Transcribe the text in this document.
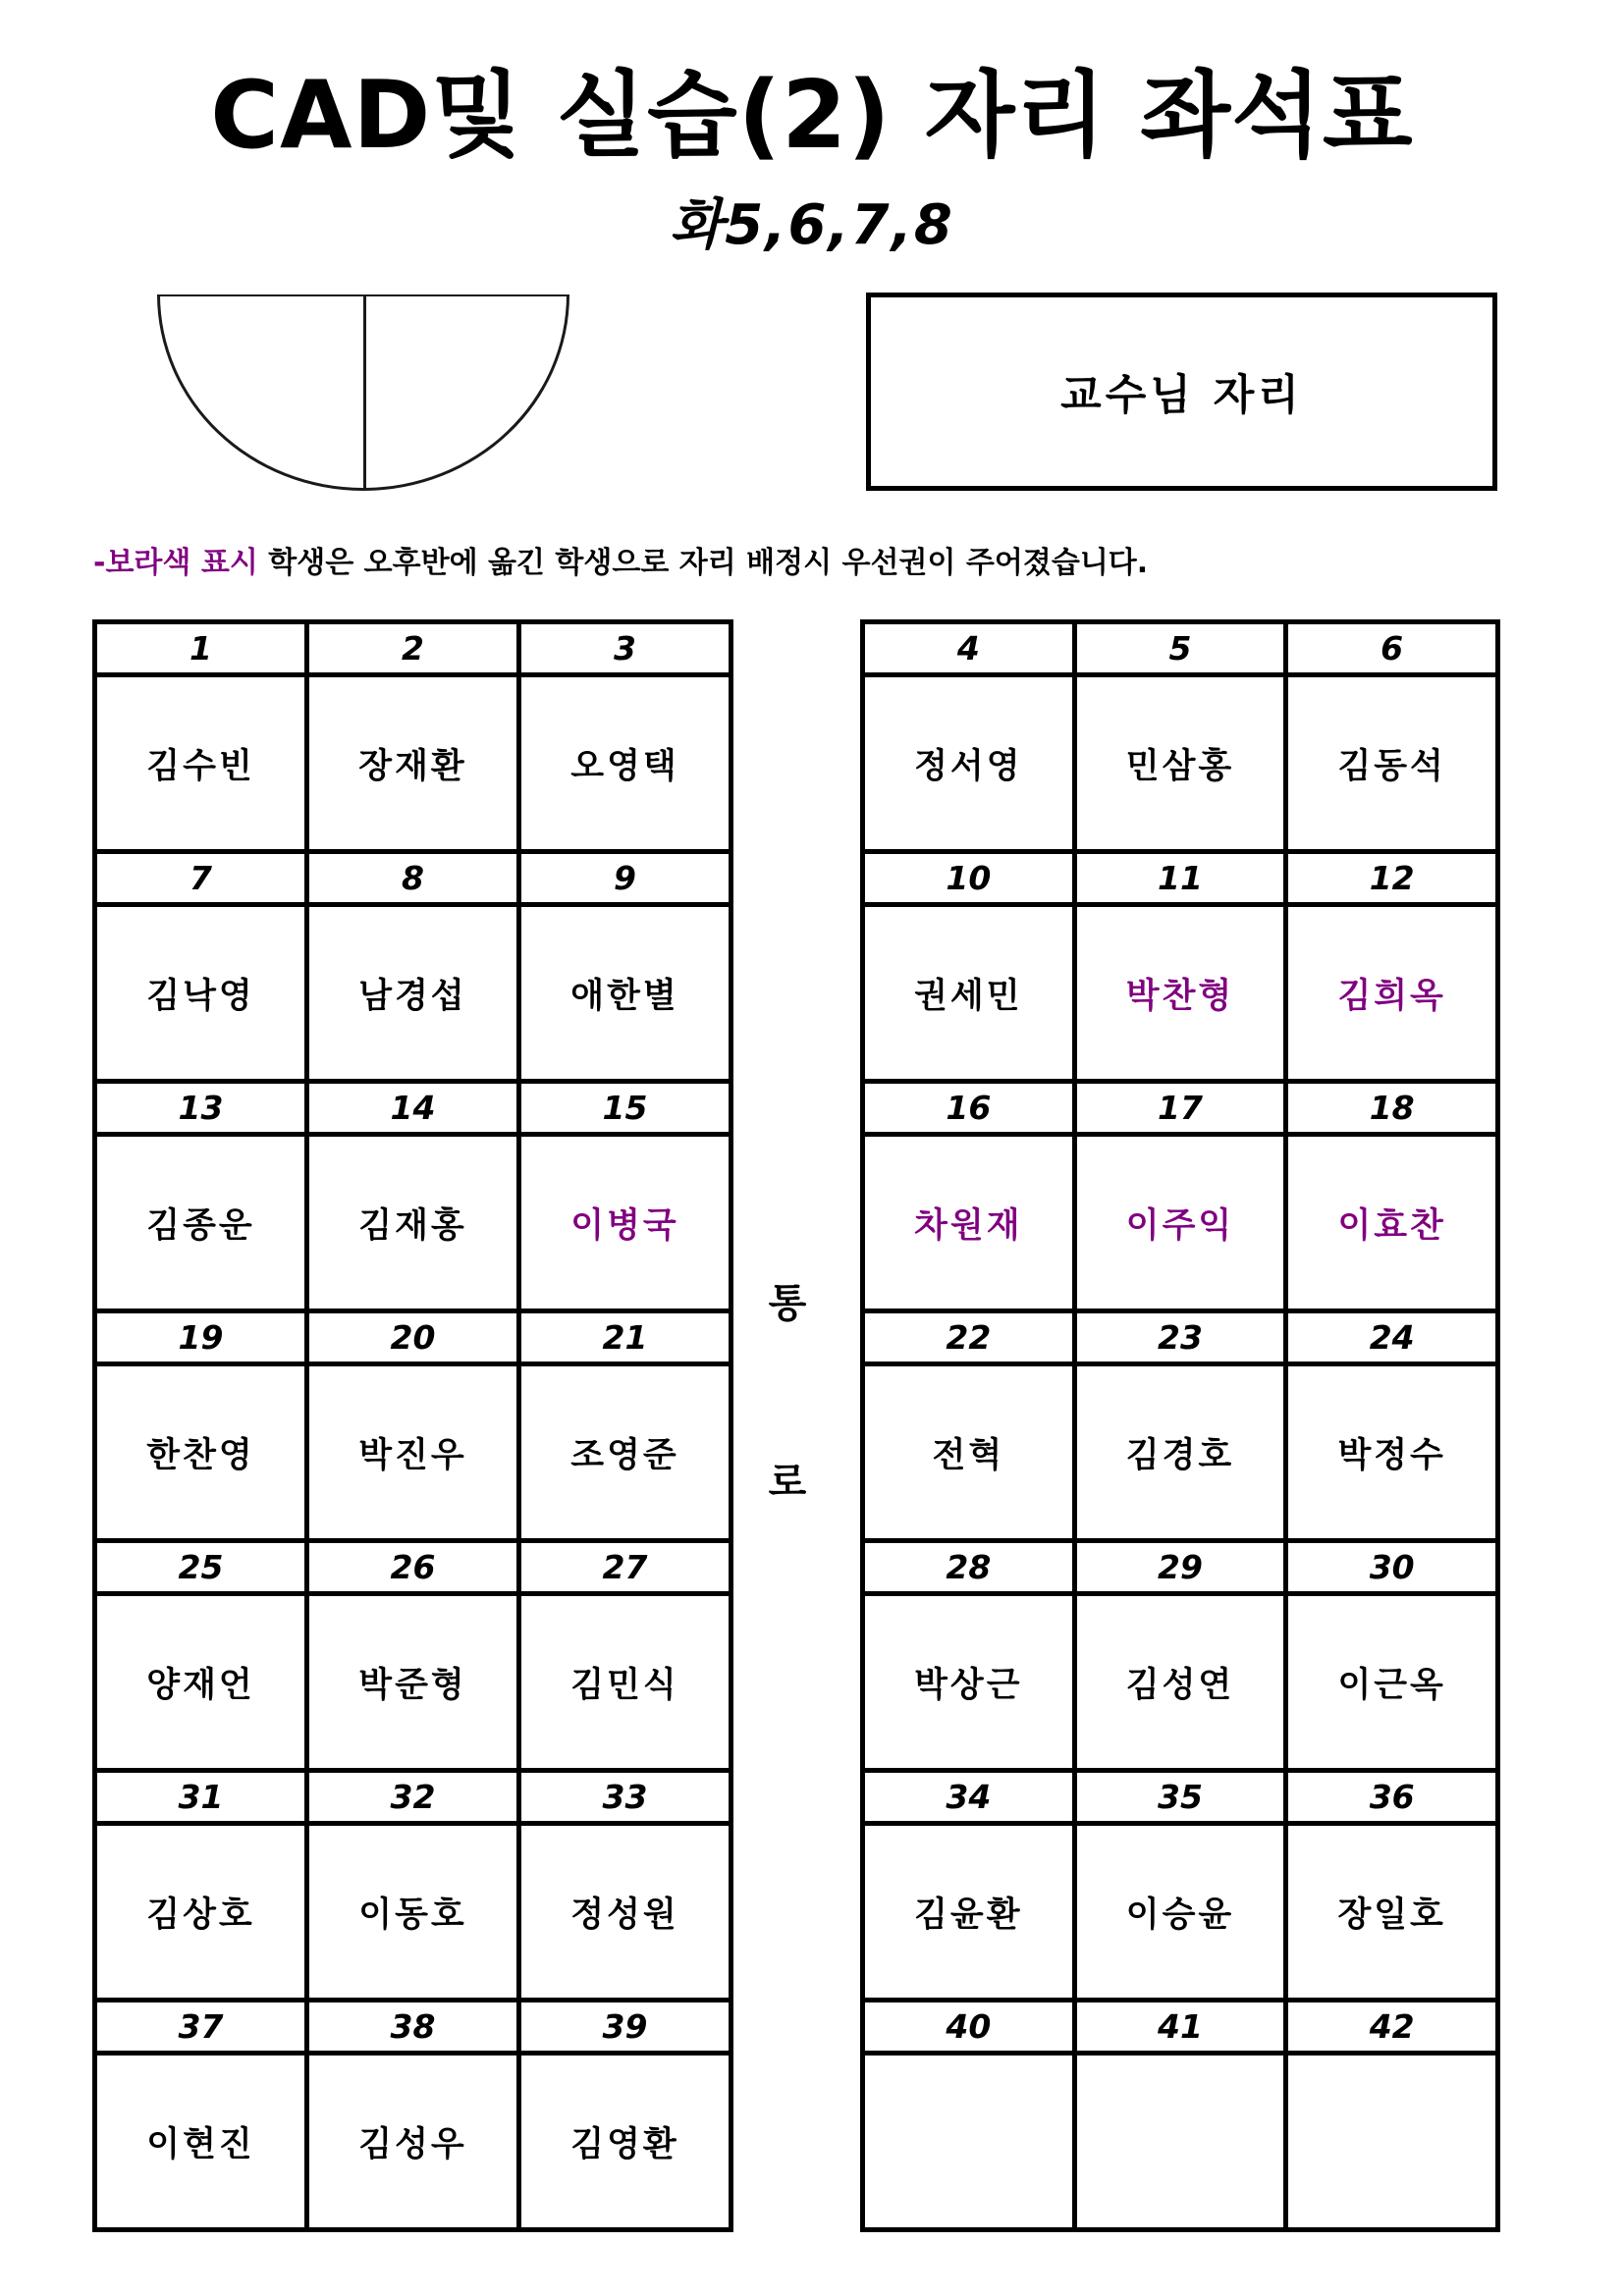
CAD및 실습(2) 자리 좌석표
화5,6,7,8
교수님 자리
-보라색 표시 학생은 오후반에 옮긴 학생으로 자리 배정시 우선권이 주어졌습니다.
1	2	3
김수빈	장재환	오영택
7	8	9
김낙영	남경섭	애한별
13	14	15
김종운	김재홍	이병국
19	20	21
한찬영	박진우	조영준
25	26	27
양재언	박준형	김민식
31	32	33
김상호	이동호	정성원
37	38	39
이현진	김성우	김영환
4	5	6
정서영	민삼홍	김동석
10	11	12
권세민	박찬형	김희옥
16	17	18
차원재	이주익	이효찬
22	23	24
전혁	김경호	박정수
28	29	30
박상근	김성연	이근옥
34	35	36
김윤환	이승윤	장일호
40	41	42

통
로
